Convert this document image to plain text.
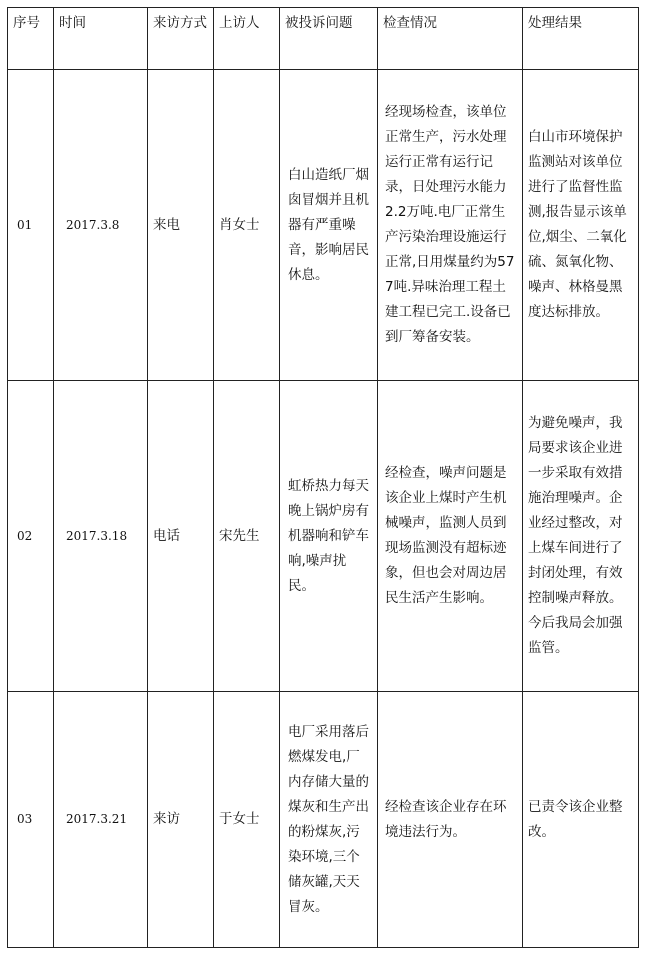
序号	时间	来访方式	上访人	被投诉问题	检查情况	处理结果
01	2017.3.8	来电	肖女士	白山造纸厂烟囱冒烟并且机器有严重噪音，影响居民休息。	经现场检查，该单位正常生产，污水处理运行正常有运行记录，日处理污水能力2.2万吨.电厂正常生产污染治理设施运行正常,日用煤量约为577吨.异味治理工程土建工程已完工.设备已到厂筹备安装。	白山市环境保护监测站对该单位进行了监督性监测,报告显示该单位,烟尘、二氧化硫、氮氧化物、噪声、林格曼黑度达标排放。
02	2017.3.18	电话	宋先生	虹桥热力每天晚上锅炉房有机器响和铲车响,噪声扰民。	经检查，噪声问题是该企业上煤时产生机械噪声，监测人员到现场监测没有超标迹象，但也会对周边居民生活产生影响。	为避免噪声，我局要求该企业进一步采取有效措施治理噪声。企业经过整改，对上煤车间进行了封闭处理，有效控制噪声释放。今后我局会加强监管。
03	2017.3.21	来访	于女士	电厂采用落后燃煤发电,厂内存储大量的煤灰和生产出的粉煤灰,污染环境,三个储灰罐,天天冒灰。	经检查该企业存在环境违法行为。	已责令该企业整改。
